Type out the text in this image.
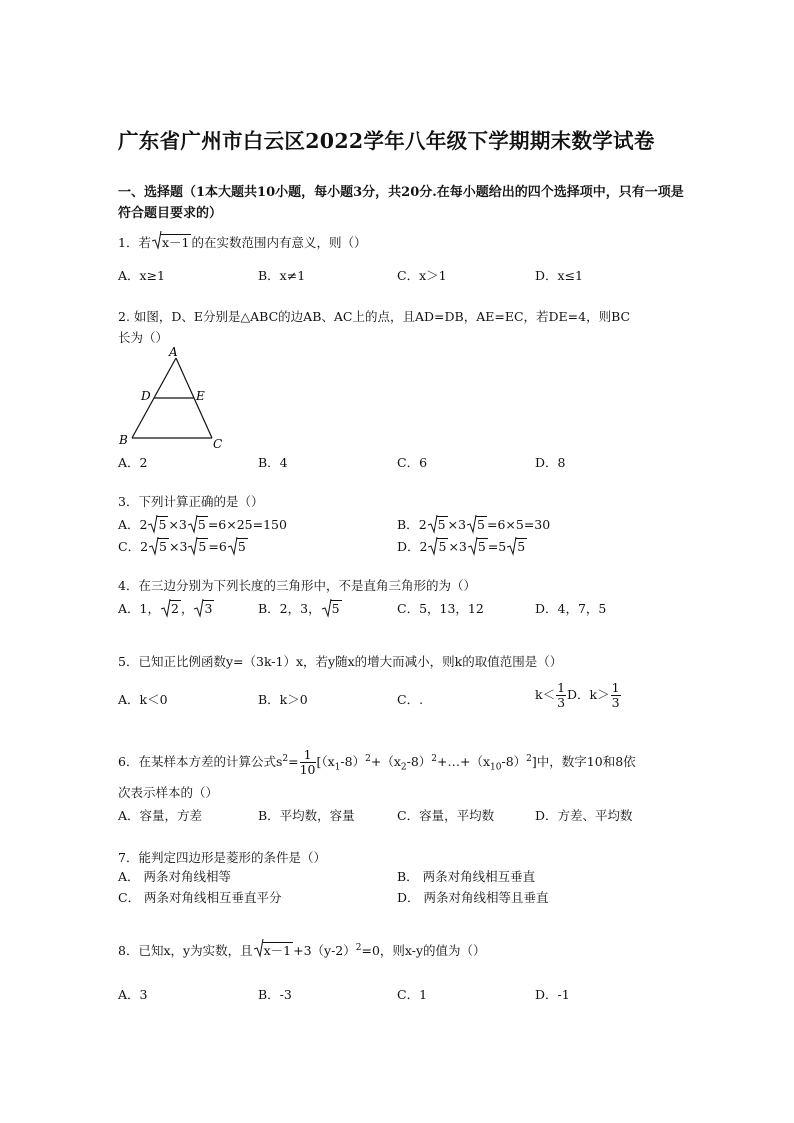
广东省广州市白云区2022学年八年级下学期期末数学试卷
一、选择题（1本大题共10小题，每小题3分，共20分.在每小题给出的四个选择项中，只有一项是符合题目要求的）
1．若 x－1 的在实数范围内有意义，则（）
A．x≥1	B．x≠1	C．x＞1	D．x≤1
2. 如图，D、E分别是△ABC的边AB、AC上的点，且AD=DB，AE=EC，若DE=4，则BC
长为（）
A
D	E
B	C
A．2	B．4	C．6	D．8
3．下列计算正确的是（）
A．2 5 ×3 5 =6×25=150	B．2 5 ×3 5 =6×5=30
C．2 5 ×3 5 =6 5	D．2 5 ×3 5 =5 5
4．在三边分别为下列长度的三角形中，不是直角三角形的为（）
A．1， 2 ， 3	B．2，3， 5	C．5，13，12	D．4，7，5
5．已知正比例函数y=（3k-1）x，若y随x的增大而减小，则k的取值范围是（）
A．k＜0	B．k＞0	C．.	$k< \frac{1}{3}$ D．$k> \frac{1}{3}$
6．在某样本方差的计算公式$s^2= \frac{1}{10}$ $[(x_1-8)^2+(x_2-8)^2+\dots+(x_{10}-8)^2]$中，数字10和8依
次表示样本的（）
A．容量，方差	B．平均数，容量	C．容量，平均数	D．方差、平均数
7．能判定四边形是菱形的条件是（）
A． 两条对角线相等	B． 两条对角线相互垂直
C． 两条对角线相互垂直平分	D． 两条对角线相等且垂直
8．已知x，y为实数，且 $x-1 +3(y-2)^2=0$，则x-y的值为（）
A．3	B．-3	C．1	D．-1
